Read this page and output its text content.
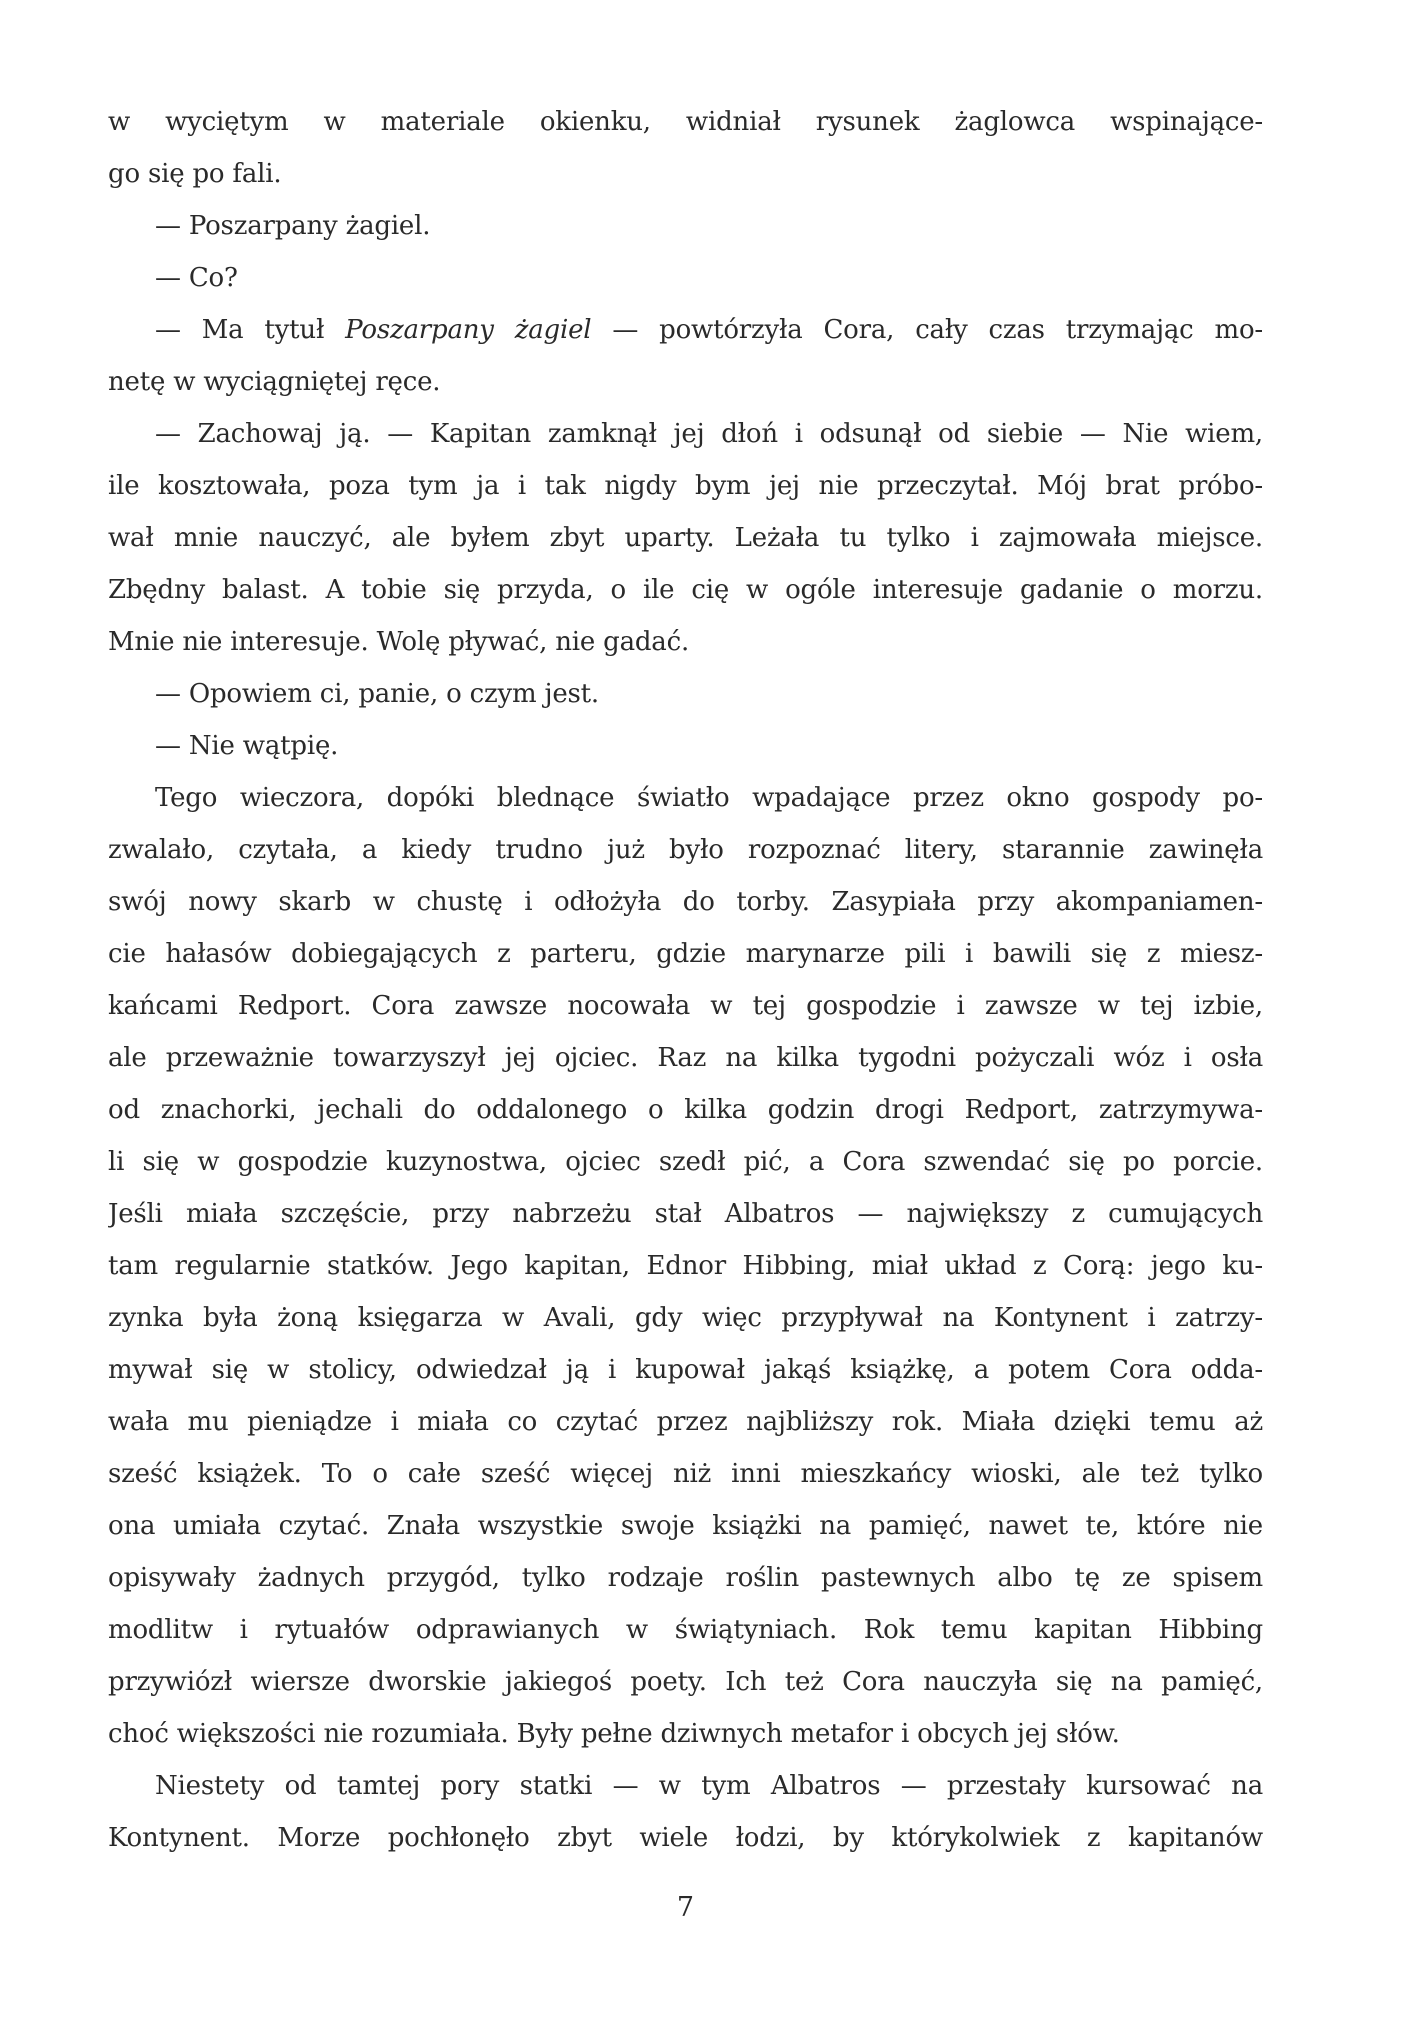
w wyciętym w materiale okienku, widniał rysunek żaglowca wspinające-
go się po fali.
— Poszarpany żagiel.
— Co?
— Ma tytuł Poszarpany żagiel — powtórzyła Cora, cały czas trzymając mo-
netę w wyciągniętej ręce.
— Zachowaj ją. — Kapitan zamknął jej dłoń i odsunął od siebie — Nie wiem,
ile kosztowała, poza tym ja i tak nigdy bym jej nie przeczytał. Mój brat próbo-
wał mnie nauczyć, ale byłem zbyt uparty. Leżała tu tylko i zajmowała miejsce.
Zbędny balast. A tobie się przyda, o ile cię w ogóle interesuje gadanie o morzu.
Mnie nie interesuje. Wolę pływać, nie gadać.
— Opowiem ci, panie, o czym jest.
— Nie wątpię.
Tego wieczora, dopóki blednące światło wpadające przez okno gospody po-
zwalało, czytała, a kiedy trudno już było rozpoznać litery, starannie zawinęła
swój nowy skarb w chustę i odłożyła do torby. Zasypiała przy akompaniamen-
cie hałasów dobiegających z parteru, gdzie marynarze pili i bawili się z miesz-
kańcami Redport. Cora zawsze nocowała w tej gospodzie i zawsze w tej izbie,
ale przeważnie towarzyszył jej ojciec. Raz na kilka tygodni pożyczali wóz i osła
od znachorki, jechali do oddalonego o kilka godzin drogi Redport, zatrzymywa-
li się w gospodzie kuzynostwa, ojciec szedł pić, a Cora szwendać się po porcie.
Jeśli miała szczęście, przy nabrzeżu stał Albatros — największy z cumujących
tam regularnie statków. Jego kapitan, Ednor Hibbing, miał układ z Corą: jego ku-
zynka była żoną księgarza w Avali, gdy więc przypływał na Kontynent i zatrzy-
mywał się w stolicy, odwiedzał ją i kupował jakąś książkę, a potem Cora odda-
wała mu pieniądze i miała co czytać przez najbliższy rok. Miała dzięki temu aż
sześć książek. To o całe sześć więcej niż inni mieszkańcy wioski, ale też tylko
ona umiała czytać. Znała wszystkie swoje książki na pamięć, nawet te, które nie
opisywały żadnych przygód, tylko rodzaje roślin pastewnych albo tę ze spisem
modlitw i rytuałów odprawianych w świątyniach. Rok temu kapitan Hibbing
przywiózł wiersze dworskie jakiegoś poety. Ich też Cora nauczyła się na pamięć,
choć większości nie rozumiała. Były pełne dziwnych metafor i obcych jej słów.
Niestety od tamtej pory statki — w tym Albatros — przestały kursować na
Kontynent. Morze pochłonęło zbyt wiele łodzi, by którykolwiek z kapitanów
7
